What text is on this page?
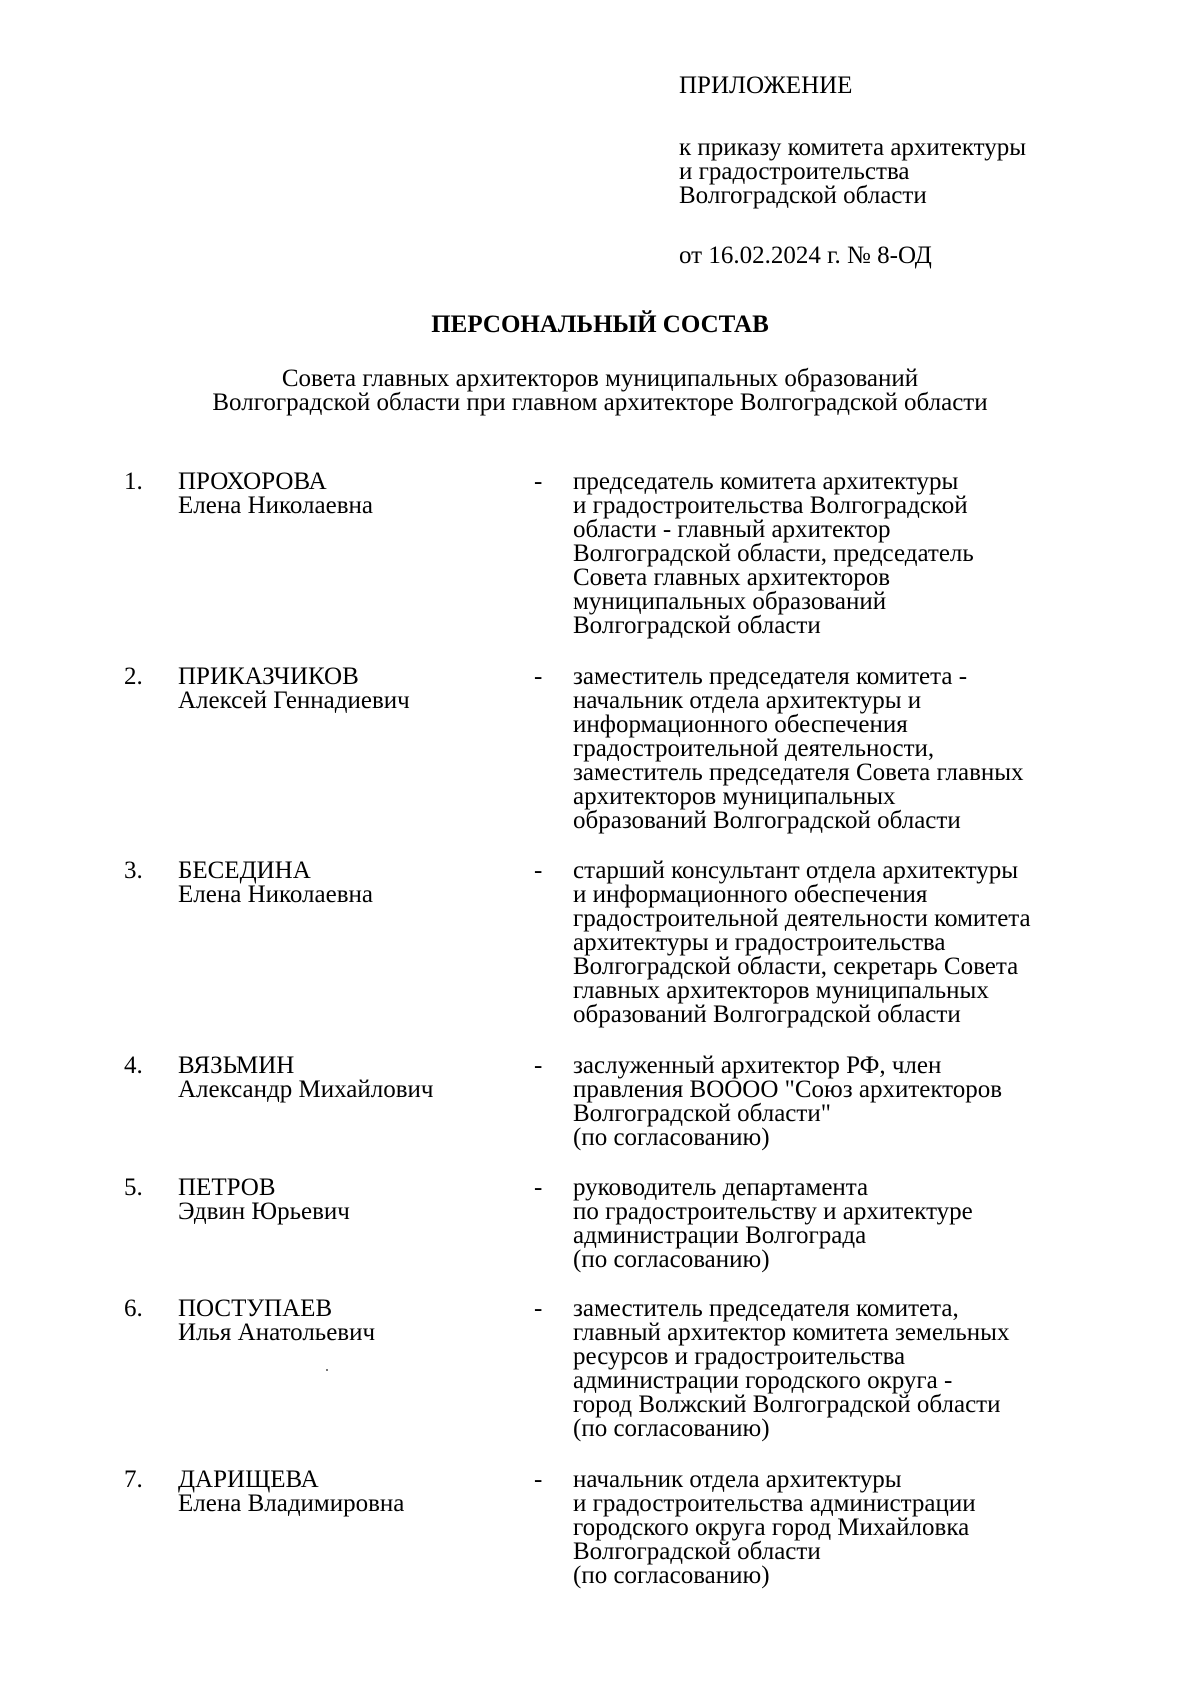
ПРИЛОЖЕНИЕ
к приказу комитета архитектуры
и градостроительства
Волгоградской области
от 16.02.2024 г. № 8-ОД
ПЕРСОНАЛЬНЫЙ СОСТАВ
Совета главных архитекторов муниципальных образований
Волгоградской области при главном архитекторе Волгоградской области
1. ПРОХОРОВА
Елена Николаевна
- председатель комитета архитектуры
и градостроительства Волгоградской
области - главный архитектор
Волгоградской области, председатель
Совета главных архитекторов
муниципальных образований
Волгоградской области
2. ПРИКАЗЧИКОВ
Алексей Геннадиевич
- заместитель председателя комитета -
начальник отдела архитектуры и
информационного обеспечения
градостроительной деятельности,
заместитель председателя Совета главных
архитекторов муниципальных
образований Волгоградской области
3. БЕСЕДИНА
Елена Николаевна
- старший консультант отдела архитектуры
и информационного обеспечения
градостроительной деятельности комитета
архитектуры и градостроительства
Волгоградской области, секретарь Совета
главных архитекторов муниципальных
образований Волгоградской области
4. ВЯЗЬМИН
Александр Михайлович
- заслуженный архитектор РФ, член
правления ВОООО "Союз архитекторов
Волгоградской области"
(по согласованию)
5. ПЕТРОВ
Эдвин Юрьевич
- руководитель департамента
по градостроительству и архитектуре
администрации Волгограда
(по согласованию)
6. ПОСТУПАЕВ
Илья Анатольевич
- заместитель председателя комитета,
главный архитектор комитета земельных
ресурсов и градостроительства
администрации городского округа -
город Волжский Волгоградской области
(по согласованию)
7. ДАРИЩЕВА
Елена Владимировна
- начальник отдела архитектуры
и градостроительства администрации
городского округа город Михайловка
Волгоградской области
(по согласованию)
